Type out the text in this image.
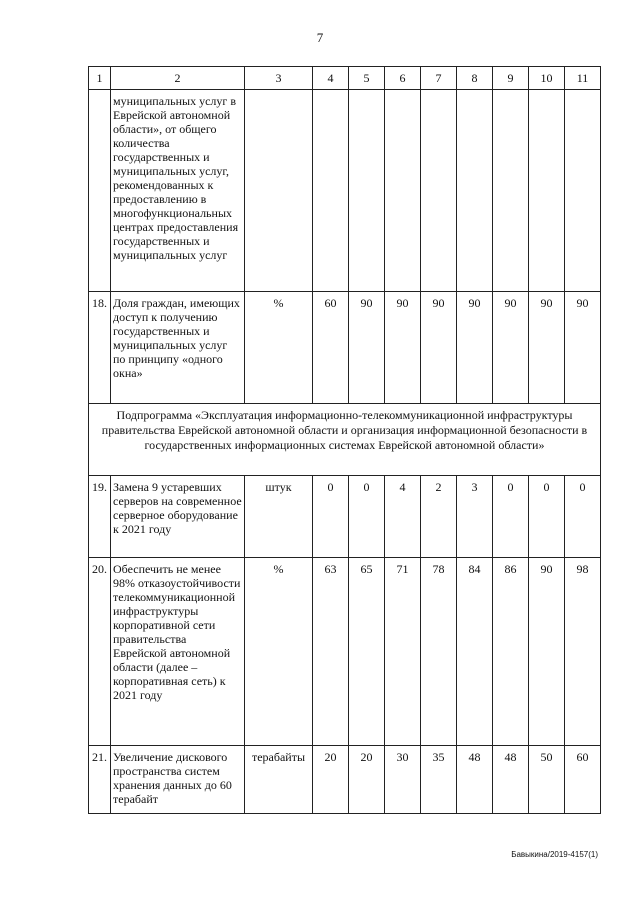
7
1	2	3	4	5	6	7	8	9	10	11
	муниципальных услуг в Еврейской автономной области», от общего количества государственных и муниципальных услуг, рекомендованных к предоставлению в многофункциональных центрах предоставления государственных и муниципальных услуг									
18.	Доля граждан, имеющих доступ к получению государственных и муниципальных услуг по принципу «одного окна»	%	60	90	90	90	90	90	90	90
Подпрограмма «Эксплуатация информационно-телекоммуникационной инфраструктуры правительства Еврейской автономной области и организация информационной безопасности в государственных информационных системах Еврейской автономной области»										
19.	Замена 9 устаревших серверов на современное серверное оборудование к 2021 году	штук	0	0	4	2	3	0	0	0
20.	Обеспечить не менее 98% отказоустойчивости телекоммуникационной инфраструктуры корпоративной сети правительства Еврейской автономной области (далее – корпоративная сеть) к 2021 году	%	63	65	71	78	84	86	90	98
21.	Увеличение дискового пространства систем хранения данных до 60 терабайт	терабайты	20	20	30	35	48	48	50	60
Бавыкина/2019-4157(1)
